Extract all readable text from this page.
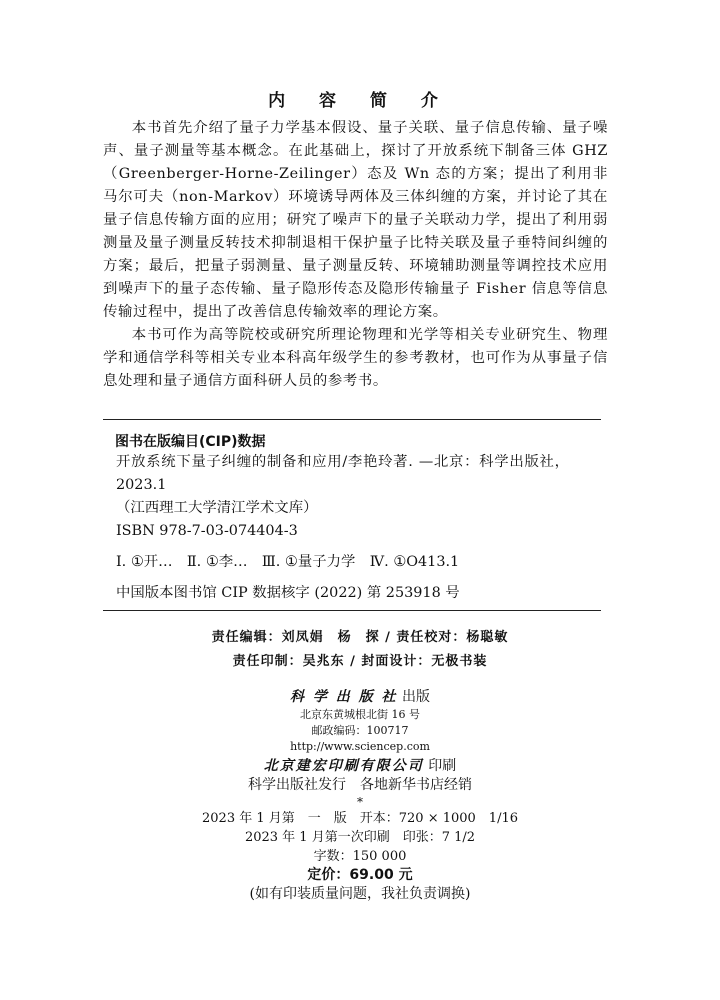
内 容 简 介

本书首先介绍了量子力学基本假设、量子关联、量子信息传输、量子噪声、量子测量等基本概念。在此基础上，探讨了开放系统下制备三体 GHZ（Greenberger-Horne-Zeilinger）态及 Wn 态的方案；提出了利用非马尔可夫（non-Markov）环境诱导两体及三体纠缠的方案，并讨论了其在量子信息传输方面的应用；研究了噪声下的量子关联动力学，提出了利用弱测量及量子测量反转技术抑制退相干保护量子比特关联及量子垂特间纠缠的方案；最后，把量子弱测量、量子测量反转、环境辅助测量等调控技术应用到噪声下的量子态传输、量子隐形传态及隐形传输量子 Fisher 信息等信息传输过程中，提出了改善信息传输效率的理论方案。

本书可作为高等院校或研究所理论物理和光学等相关专业研究生、物理学和通信学科等相关专业本科高年级学生的参考教材，也可作为从事量子信息处理和量子通信方面科研人员的参考书。

图书在版编目(CIP)数据
开放系统下量子纠缠的制备和应用/李艳玲著. —北京：科学出版社，
2023.1
（江西理工大学清江学术文库）
ISBN 978-7-03-074404-3
Ⅰ. ①开…　Ⅱ. ①李…　Ⅲ. ①量子力学　Ⅳ. ①O413.1
中国版本图书馆 CIP 数据核字 (2022) 第 253918 号
责任编辑：刘凤娟　杨　探 / 责任校对：杨聪敏
责任印制：吴兆东 / 封面设计：无极书装
科 学 出 版 社 出版
北京东黄城根北街 16 号
邮政编码：100717
http://www.sciencep.com
北京建宏印刷有限公司 印刷
科学出版社发行　各地新华书店经销
*
2023 年 1 月第　一　版　开本：720 × 1000　1/16
2023 年 1 月第一次印刷　印张：7 1/2
字数：150 000
定价：69.00 元
(如有印装质量问题，我社负责调换)
